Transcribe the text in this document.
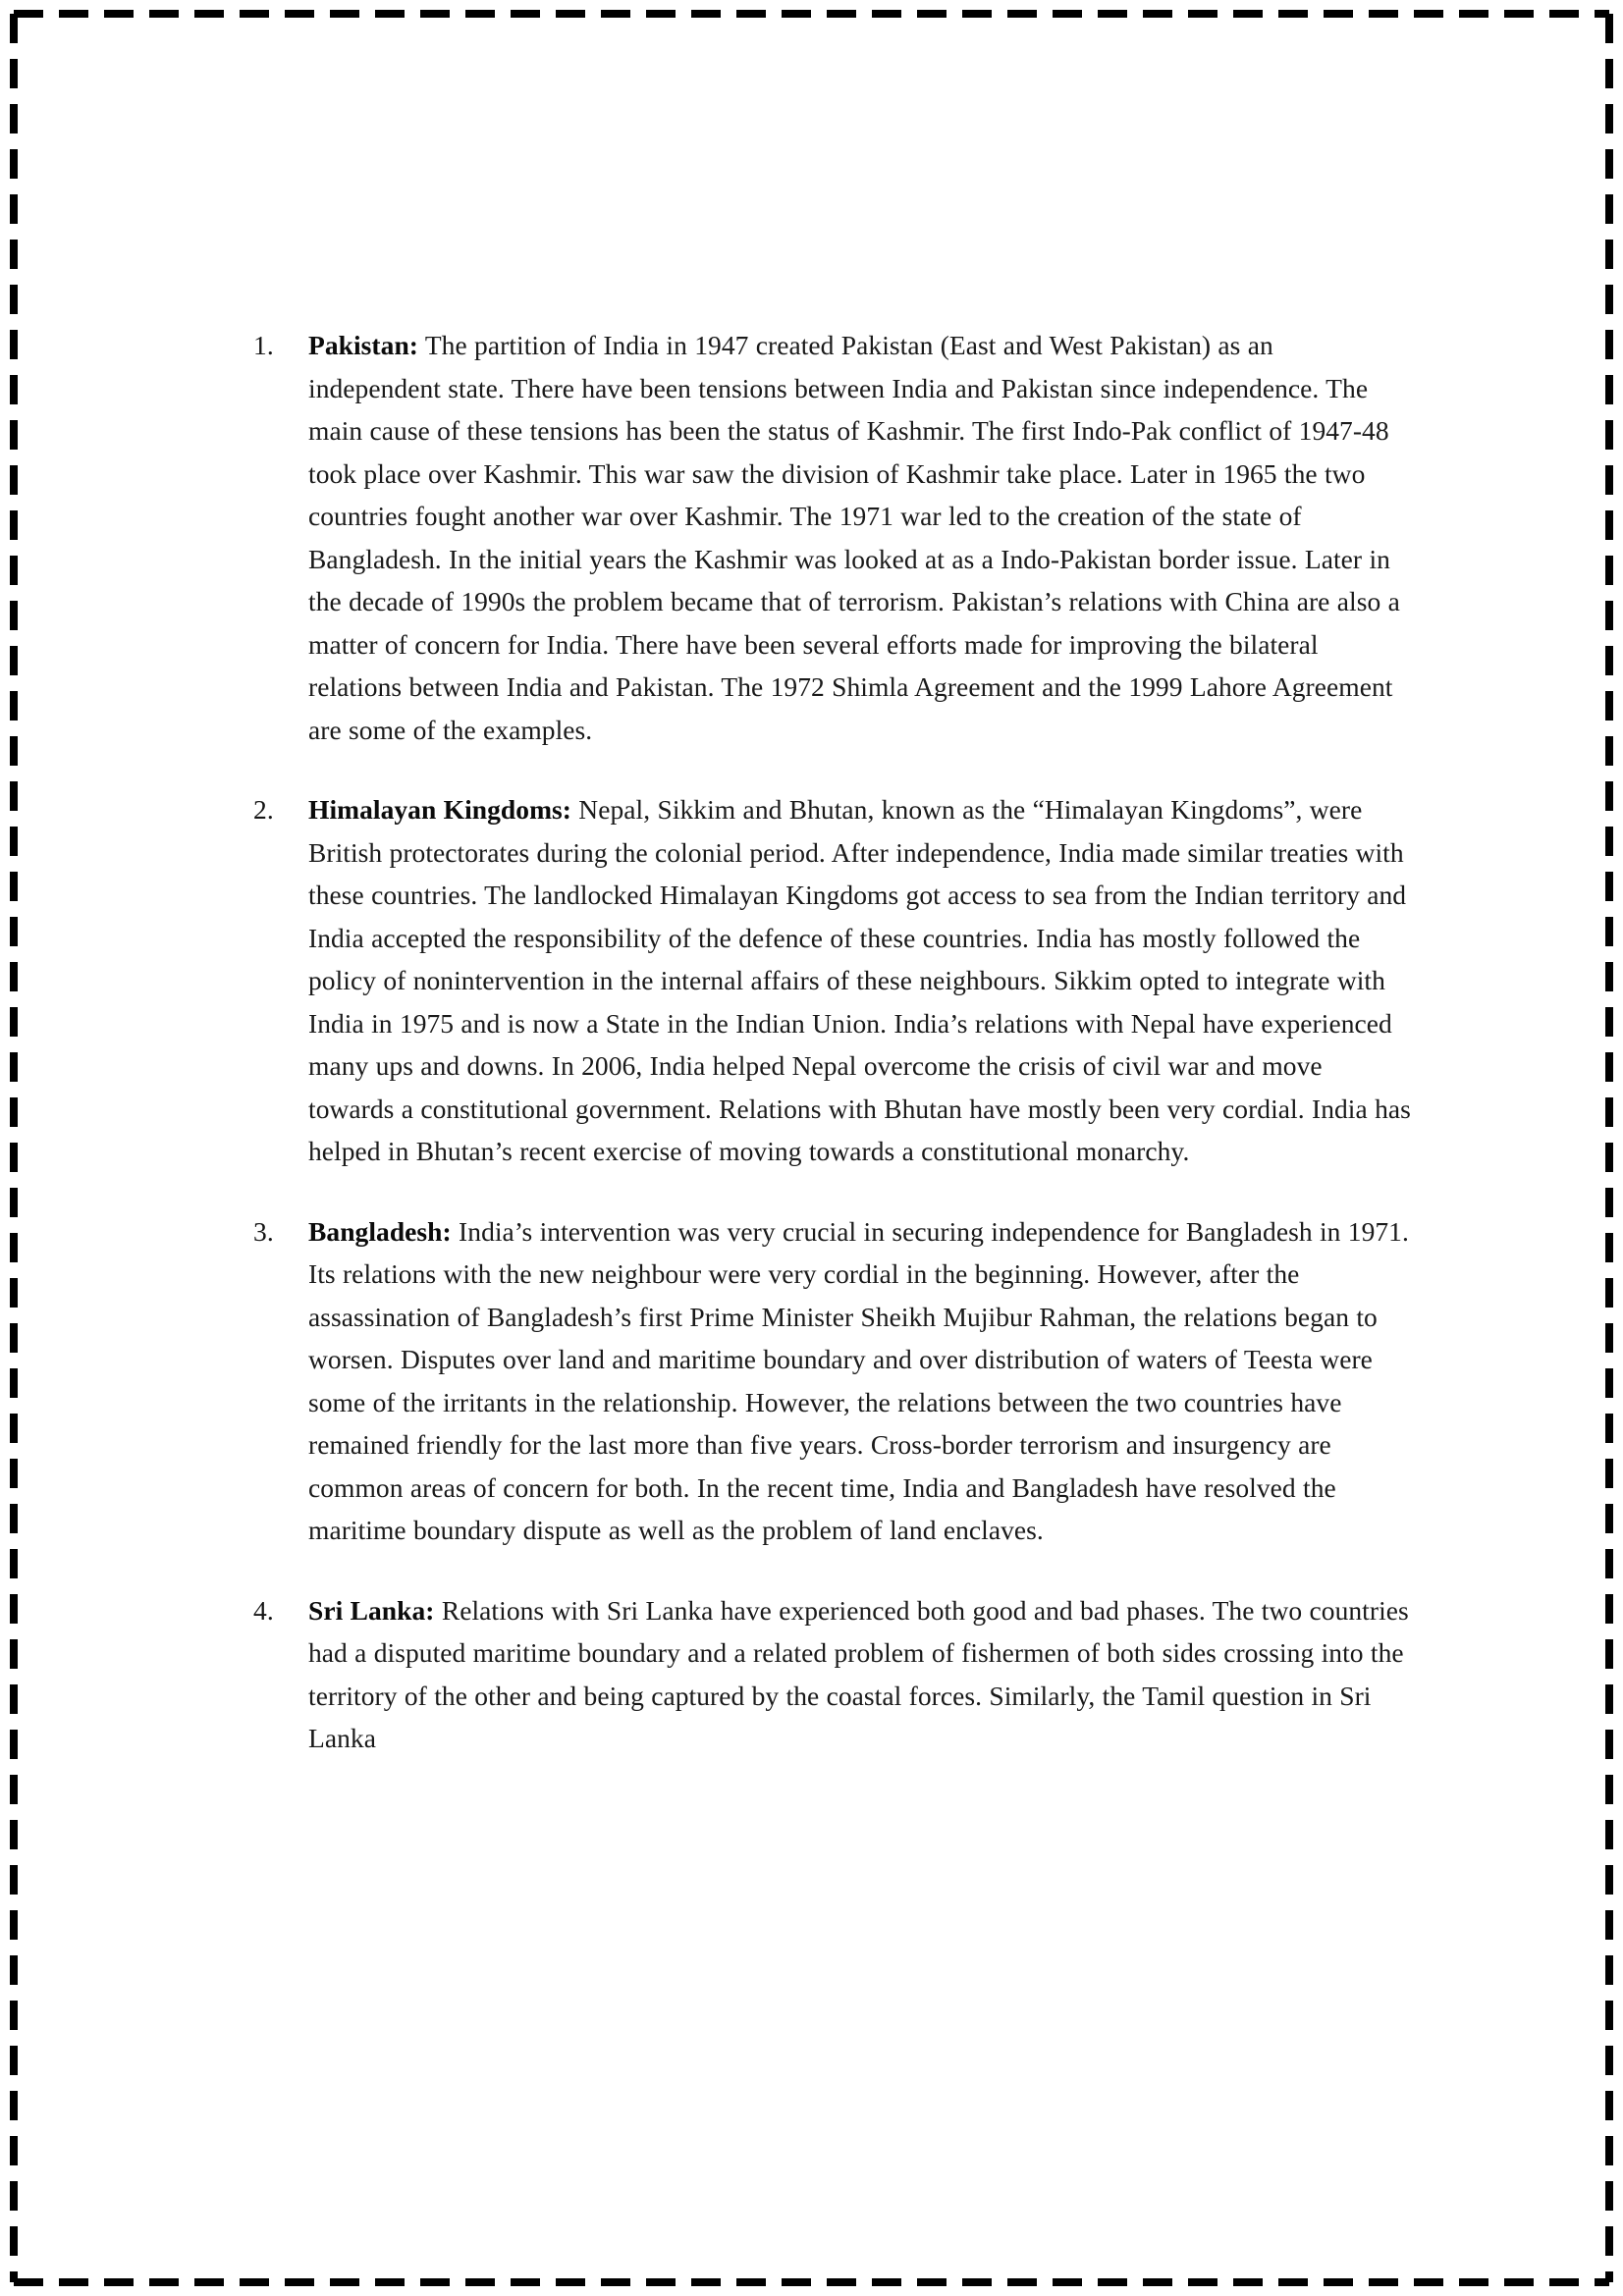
Pakistan: The partition of India in 1947 created Pakistan (East and West Pakistan) as an independent state. There have been tensions between India and Pakistan since independence. The main cause of these tensions has been the status of Kashmir. The first Indo-Pak conflict of 1947-48 took place over Kashmir. This war saw the division of Kashmir take place. Later in 1965 the two countries fought another war over Kashmir. The 1971 war led to the creation of the state of Bangladesh. In the initial years the Kashmir was looked at as a Indo-Pakistan border issue. Later in the decade of 1990s the problem became that of terrorism. Pakistan’s relations with China are also a matter of concern for India. There have been several efforts made for improving the bilateral relations between India and Pakistan. The 1972 Shimla Agreement and the 1999 Lahore Agreement are some of the examples.
Himalayan Kingdoms: Nepal, Sikkim and Bhutan, known as the “Himalayan Kingdoms”, were British protectorates during the colonial period. After independence, India made similar treaties with these countries. The landlocked Himalayan Kingdoms got access to sea from the Indian territory and India accepted the responsibility of the defence of these countries. India has mostly followed the policy of nonintervention in the internal affairs of these neighbours. Sikkim opted to integrate with India in 1975 and is now a State in the Indian Union. India’s relations with Nepal have experienced many ups and downs. In 2006, India helped Nepal overcome the crisis of civil war and move towards a constitutional government. Relations with Bhutan have mostly been very cordial. India has helped in Bhutan’s recent exercise of moving towards a constitutional monarchy.
Bangladesh: India’s intervention was very crucial in securing independence for Bangladesh in 1971. Its relations with the new neighbour were very cordial in the beginning. However, after the assassination of Bangladesh’s first Prime Minister Sheikh Mujibur Rahman, the relations began to worsen. Disputes over land and maritime boundary and over distribution of waters of Teesta were some of the irritants in the relationship. However, the relations between the two countries have remained friendly for the last more than five years. Cross-border terrorism and insurgency are common areas of concern for both. In the recent time, India and Bangladesh have resolved the maritime boundary dispute as well as the problem of land enclaves.
Sri Lanka: Relations with Sri Lanka have experienced both good and bad phases. The two countries had a disputed maritime boundary and a related problem of fishermen of both sides crossing into the territory of the other and being captured by the coastal forces. Similarly, the Tamil question in Sri Lanka
